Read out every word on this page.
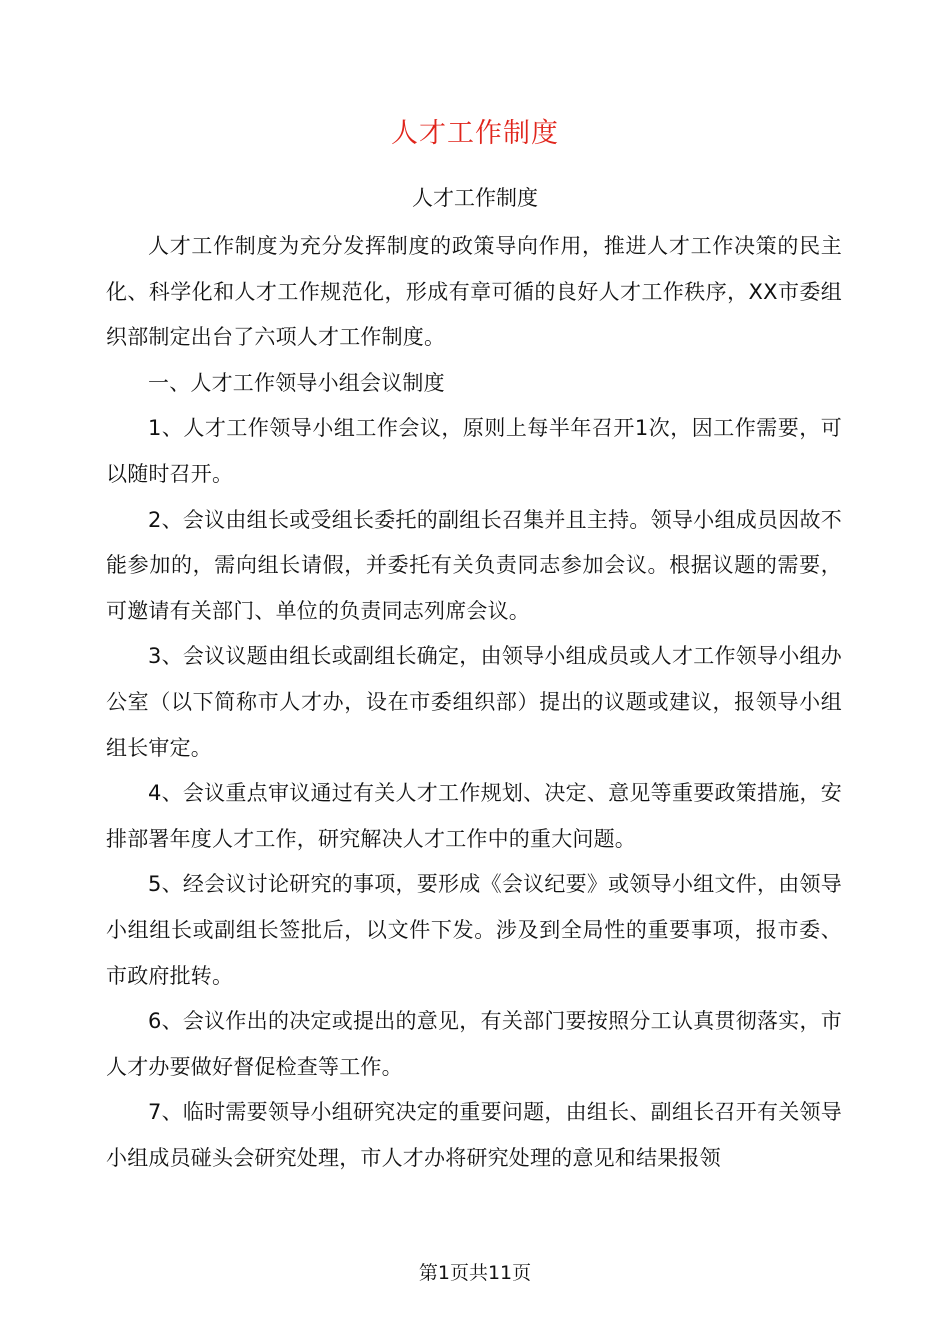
人才工作制度
人才工作制度

人才工作制度为充分发挥制度的政策导向作用，推进人才工作决策的民主化、科学化和人才工作规范化，形成有章可循的良好人才工作秩序，XX市委组织部制定出台了六项人才工作制度。

一、人才工作领导小组会议制度

1、人才工作领导小组工作会议，原则上每半年召开1次，因工作需要，可以随时召开。

2、会议由组长或受组长委托的副组长召集并且主持。领导小组成员因故不能参加的，需向组长请假，并委托有关负责同志参加会议。根据议题的需要，可邀请有关部门、单位的负责同志列席会议。

3、会议议题由组长或副组长确定，由领导小组成员或人才工作领导小组办公室（以下简称市人才办，设在市委组织部）提出的议题或建议，报领导小组组长审定。

4、会议重点审议通过有关人才工作规划、决定、意见等重要政策措施，安排部署年度人才工作，研究解决人才工作中的重大问题。

5、经会议讨论研究的事项，要形成《会议纪要》或领导小组文件，由领导小组组长或副组长签批后，以文件下发。涉及到全局性的重要事项，报市委、市政府批转。

6、会议作出的决定或提出的意见，有关部门要按照分工认真贯彻落实，市人才办要做好督促检查等工作。

7、临时需要领导小组研究决定的重要问题，由组长、副组长召开有关领导小组成员碰头会研究处理，市人才办将研究处理的意见和结果报领

第1页共11页
